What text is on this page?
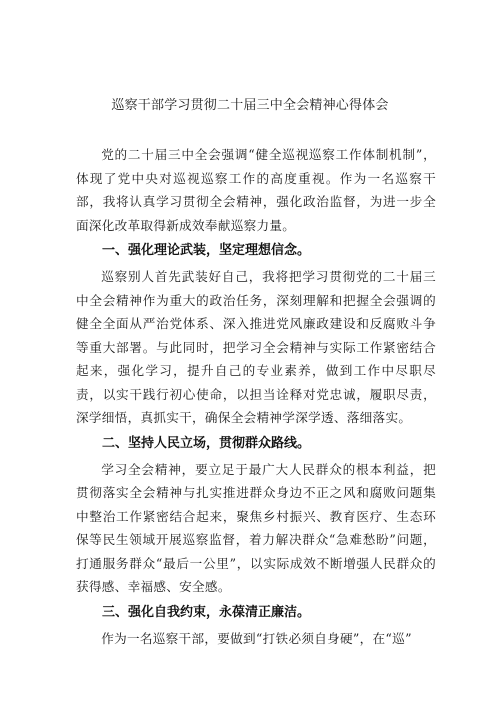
巡察干部学习贯彻二十届三中全会精神心得体会

党的二十届三中全会强调“健全巡视巡察工作体制机制”，体现了党中央对巡视巡察工作的高度重视。作为一名巡察干部，我将认真学习贯彻全会精神，强化政治监督，为进一步全面深化改革取得新成效奉献巡察力量。

一、强化理论武装，坚定理想信念。

巡察别人首先武装好自己，我将把学习贯彻党的二十届三中全会精神作为重大的政治任务，深刻理解和把握全会强调的健全全面从严治党体系、深入推进党风廉政建设和反腐败斗争等重大部署。与此同时，把学习全会精神与实际工作紧密结合起来，强化学习，提升自己的专业素养，做到工作中尽职尽责，以实干践行初心使命，以担当诠释对党忠诚，履职尽责，深学细悟，真抓实干，确保全会精神学深学透、落细落实。

二、坚持人民立场，贯彻群众路线。

学习全会精神，要立足于最广大人民群众的根本利益，把贯彻落实全会精神与扎实推进群众身边不正之风和腐败问题集中整治工作紧密结合起来，聚焦乡村振兴、教育医疗、生态环保等民生领域开展巡察监督，着力解决群众“急难愁盼”问题，打通服务群众“最后一公里”，以实际成效不断增强人民群众的获得感、幸福感、安全感。

三、强化自我约束，永葆清正廉洁。

作为一名巡察干部，要做到“打铁必须自身硬”，在“巡”
